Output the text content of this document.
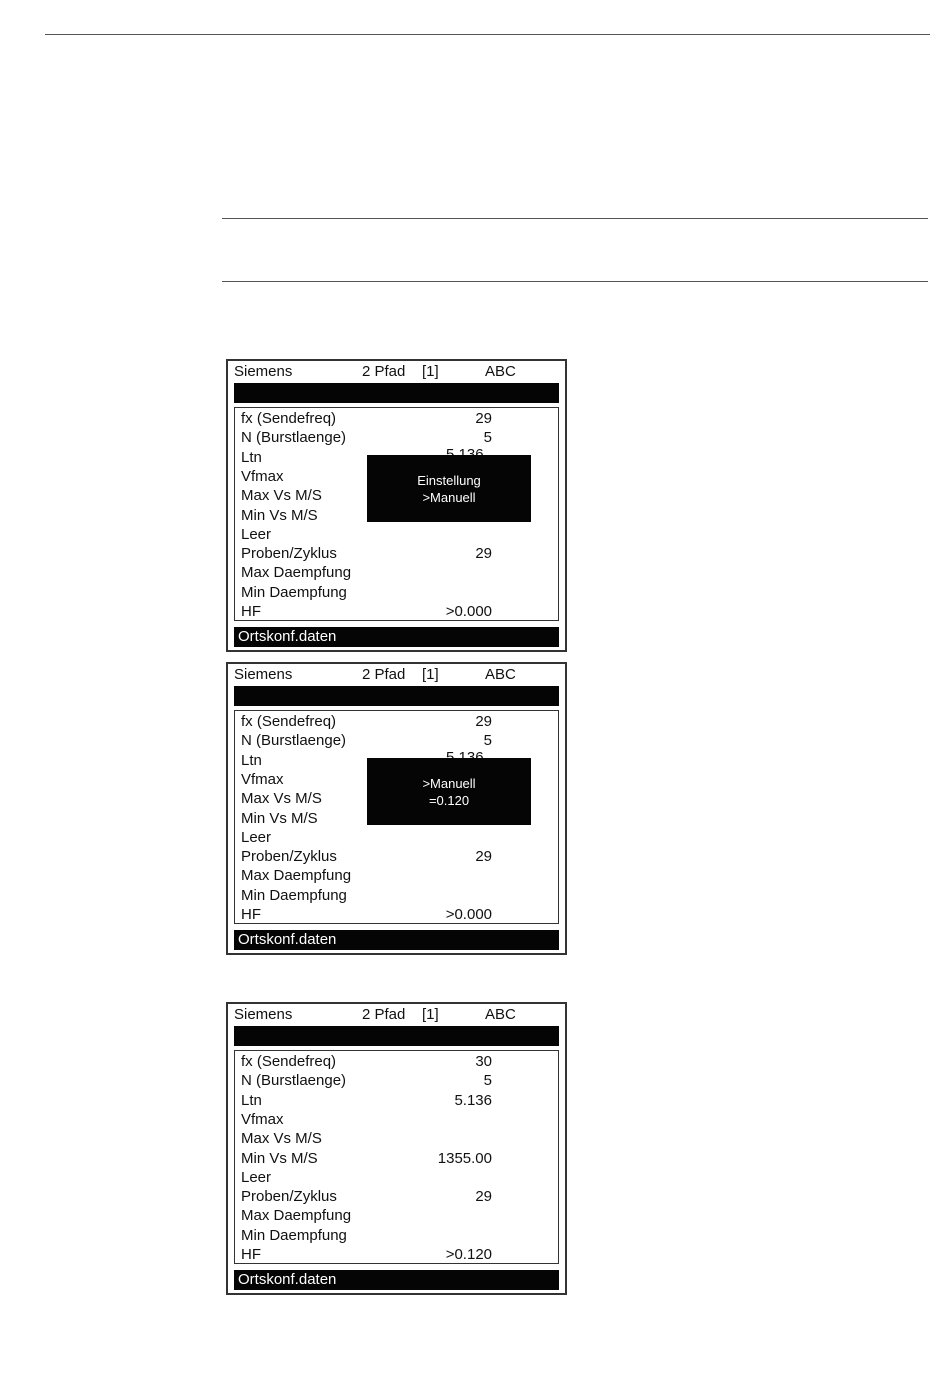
Siemens	2 Pfad [1]	ABC
fx (Sendefreq)	29
N (Burstlaenge)	5
Ltn
Vfmax
Max Vs M/S
Min Vs M/S
Leer
Proben/Zyklus	29
Max Daempfung
Min Daempfung
HF	>0.000
Einstellung
>Manuell
Ortskonf.daten
Siemens	2 Pfad [1]	ABC
fx (Sendefreq)	29
N (Burstlaenge)	5
Ltn
Vfmax
Max Vs M/S
Min Vs M/S
Leer
Proben/Zyklus	29
Max Daempfung
Min Daempfung
HF	>0.000
>Manuell
=0.120
Ortskonf.daten
Siemens	2 Pfad [1]	ABC
fx (Sendefreq)	30
N (Burstlaenge)	5
Ltn	5.136
Vfmax
Max Vs M/S
Min Vs M/S	1355.00
Leer
Proben/Zyklus	29
Max Daempfung
Min Daempfung
HF	>0.120
Ortskonf.daten
